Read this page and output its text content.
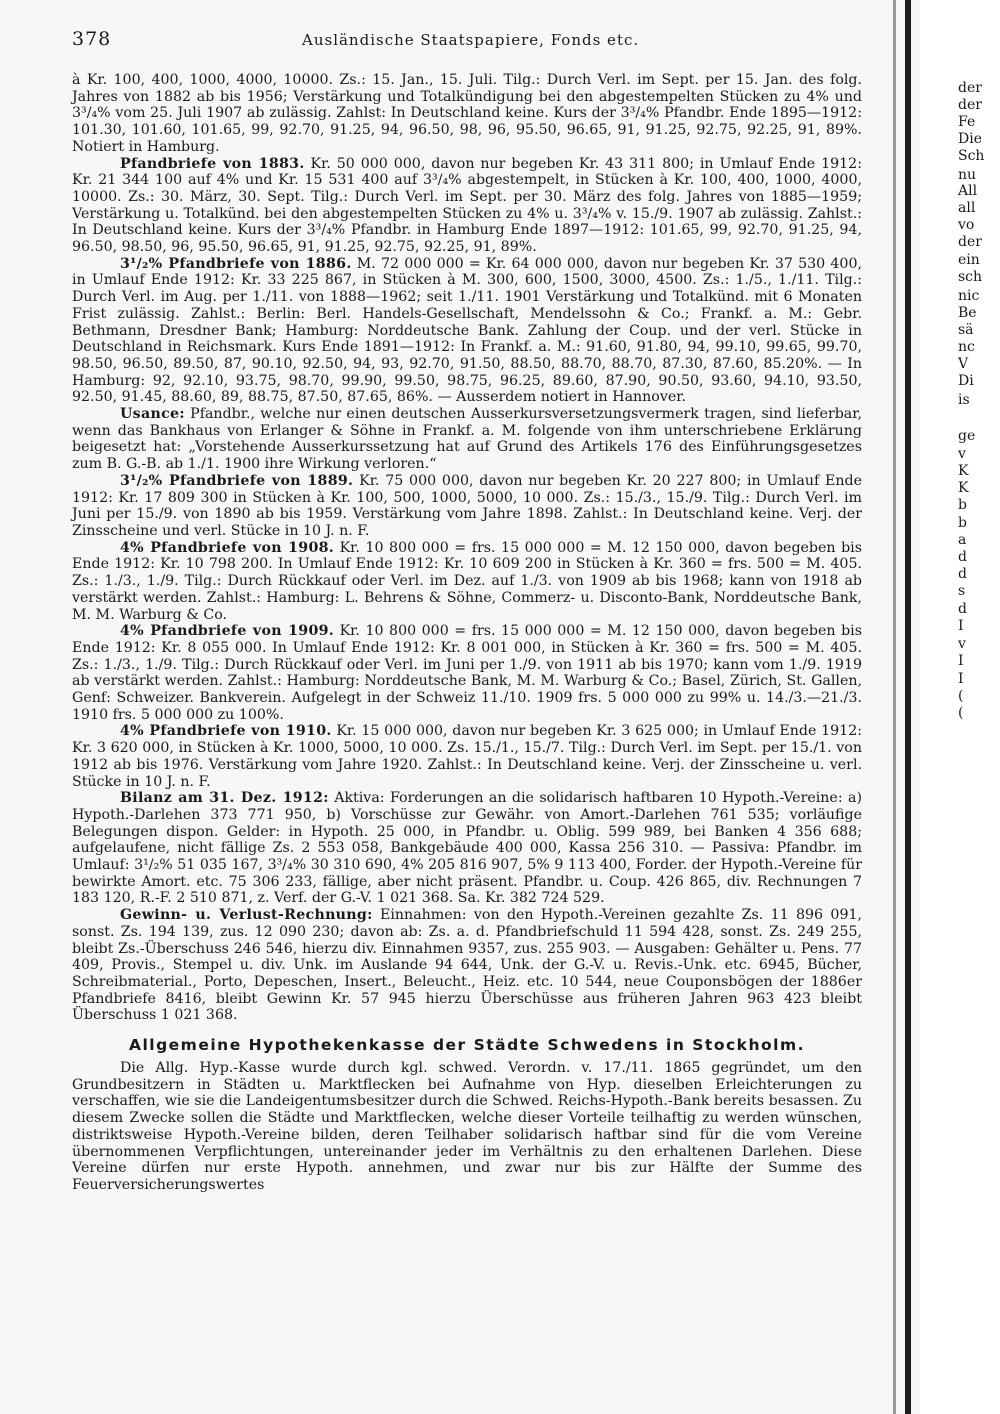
378	Ausländische Staatspapiere, Fonds etc.

à Kr. 100, 400, 1000, 4000, 10000. Zs.: 15. Jan., 15. Juli. Tilg.: Durch Verl. im Sept. per 15. Jan. des folg. Jahres von 1882 ab bis 1956; Verstärkung und Totalkündigung bei den abgestempelten Stücken zu 4% und 3³/₄% vom 25. Juli 1907 ab zulässig. Zahlst: In Deutschland keine. Kurs der 3³/₄% Pfandbr. Ende 1895—1912: 101.30, 101.60, 101.65, 99, 92.70, 91.25, 94, 96.50, 98, 96, 95.50, 96.65, 91, 91.25, 92.75, 92.25, 91, 89%. Notiert in Hamburg.

Pfandbriefe von 1883. Kr. 50 000 000, davon nur begeben Kr. 43 311 800; in Umlauf Ende 1912: Kr. 21 344 100 auf 4% und Kr. 15 531 400 auf 3³/₄% abgestempelt, in Stücken à Kr. 100, 400, 1000, 4000, 10000. Zs.: 30. März, 30. Sept. Tilg.: Durch Verl. im Sept. per 30. März des folg. Jahres von 1885—1959; Verstärkung u. Totalkünd. bei den abgestempelten Stücken zu 4% u. 3³/₄% v. 15./9. 1907 ab zulässig. Zahlst.: In Deutschland keine. Kurs der 3³/₄% Pfandbr. in Hamburg Ende 1897—1912: 101.65, 99, 92.70, 91.25, 94, 96.50, 98.50, 96, 95.50, 96.65, 91, 91.25, 92.75, 92.25, 91, 89%.

3¹/₂% Pfandbriefe von 1886. M. 72 000 000 = Kr. 64 000 000, davon nur begeben Kr. 37 530 400, in Umlauf Ende 1912: Kr. 33 225 867, in Stücken à M. 300, 600, 1500, 3000, 4500. Zs.: 1./5., 1./11. Tilg.: Durch Verl. im Aug. per 1./11. von 1888—1962; seit 1./11. 1901 Verstärkung und Totalkünd. mit 6 Monaten Frist zulässig. Zahlst.: Berlin: Berl. Handels-Gesellschaft, Mendelssohn & Co.; Frankf. a. M.: Gebr. Bethmann, Dresdner Bank; Hamburg: Norddeutsche Bank. Zahlung der Coup. und der verl. Stücke in Deutschland in Reichsmark. Kurs Ende 1891—1912: In Frankf. a. M.: 91.60, 91.80, 94, 99.10, 99.65, 99.70, 98.50, 96.50, 89.50, 87, 90.10, 92.50, 94, 93, 92.70, 91.50, 88.50, 88.70, 88.70, 87.30, 87.60, 85.20%. — In Hamburg: 92, 92.10, 93.75, 98.70, 99.90, 99.50, 98.75, 96.25, 89.60, 87.90, 90.50, 93.60, 94.10, 93.50, 92.50, 91.45, 88.60, 89, 88.75, 87.50, 87.65, 86%. — Ausserdem notiert in Hannover.

Usance: Pfandbr., welche nur einen deutschen Ausserkursversetzungsvermerk tragen, sind lieferbar, wenn das Bankhaus von Erlanger & Söhne in Frankf. a. M. folgende von ihm unterschriebene Erklärung beigesetzt hat: „Vorstehende Ausserkurssetzung hat auf Grund des Artikels 176 des Einführungsgesetzes zum B. G.-B. ab 1./1. 1900 ihre Wirkung verloren.“

3¹/₂% Pfandbriefe von 1889. Kr. 75 000 000, davon nur begeben Kr. 20 227 800; in Umlauf Ende 1912: Kr. 17 809 300 in Stücken à Kr. 100, 500, 1000, 5000, 10 000. Zs.: 15./3., 15./9. Tilg.: Durch Verl. im Juni per 15./9. von 1890 ab bis 1959. Verstärkung vom Jahre 1898. Zahlst.: In Deutschland keine. Verj. der Zinsscheine und verl. Stücke in 10 J. n. F.

4% Pfandbriefe von 1908. Kr. 10 800 000 = frs. 15 000 000 = M. 12 150 000, davon begeben bis Ende 1912: Kr. 10 798 200. In Umlauf Ende 1912: Kr. 10 609 200 in Stücken à Kr. 360 = frs. 500 = M. 405. Zs.: 1./3., 1./9. Tilg.: Durch Rückkauf oder Verl. im Dez. auf 1./3. von 1909 ab bis 1968; kann von 1918 ab verstärkt werden. Zahlst.: Hamburg: L. Behrens & Söhne, Commerz- u. Disconto-Bank, Norddeutsche Bank, M. M. Warburg & Co.

4% Pfandbriefe von 1909. Kr. 10 800 000 = frs. 15 000 000 = M. 12 150 000, davon begeben bis Ende 1912: Kr. 8 055 000. In Umlauf Ende 1912: Kr. 8 001 000, in Stücken à Kr. 360 = frs. 500 = M. 405. Zs.: 1./3., 1./9. Tilg.: Durch Rückkauf oder Verl. im Juni per 1./9. von 1911 ab bis 1970; kann vom 1./9. 1919 ab verstärkt werden. Zahlst.: Hamburg: Norddeutsche Bank, M. M. Warburg & Co.; Basel, Zürich, St. Gallen, Genf: Schweizer. Bankverein. Aufgelegt in der Schweiz 11./10. 1909 frs. 5 000 000 zu 99% u. 14./3.—21./3. 1910 frs. 5 000 000 zu 100%.

4% Pfandbriefe von 1910. Kr. 15 000 000, davon nur begeben Kr. 3 625 000; in Umlauf Ende 1912: Kr. 3 620 000, in Stücken à Kr. 1000, 5000, 10 000. Zs. 15./1., 15./7. Tilg.: Durch Verl. im Sept. per 15./1. von 1912 ab bis 1976. Verstärkung vom Jahre 1920. Zahlst.: In Deutschland keine. Verj. der Zinsscheine u. verl. Stücke in 10 J. n. F.

Bilanz am 31. Dez. 1912: Aktiva: Forderungen an die solidarisch haftbaren 10 Hypoth.-Vereine: a) Hypoth.-Darlehen 373 771 950, b) Vorschüsse zur Gewähr. von Amort.-Darlehen 761 535; vorläufige Belegungen dispon. Gelder: in Hypoth. 25 000, in Pfandbr. u. Oblig. 599 989, bei Banken 4 356 688; aufgelaufene, nicht fällige Zs. 2 553 058, Bankgebäude 400 000, Kassa 256 310. — Passiva: Pfandbr. im Umlauf: 3¹/₂% 51 035 167, 3³/₄% 30 310 690, 4% 205 816 907, 5% 9 113 400, Forder. der Hypoth.-Vereine für bewirkte Amort. etc. 75 306 233, fällige, aber nicht präsent. Pfandbr. u. Coup. 426 865, div. Rechnungen 7 183 120, R.-F. 2 510 871, z. Verf. der G.-V. 1 021 368. Sa. Kr. 382 724 529.

Gewinn- u. Verlust-Rechnung: Einnahmen: von den Hypoth.-Vereinen gezahlte Zs. 11 896 091, sonst. Zs. 194 139, zus. 12 090 230; davon ab: Zs. a. d. Pfandbriefschuld 11 594 428, sonst. Zs. 249 255, bleibt Zs.-Überschuss 246 546, hierzu div. Einnahmen 9357, zus. 255 903. — Ausgaben: Gehälter u. Pens. 77 409, Provis., Stempel u. div. Unk. im Auslande 94 644, Unk. der G.-V. u. Revis.-Unk. etc. 6945, Bücher, Schreibmaterial., Porto, Depeschen, Insert., Beleucht., Heiz. etc. 10 544, neue Couponsbögen der 1886er Pfandbriefe 8416, bleibt Gewinn Kr. 57 945 hierzu Überschüsse aus früheren Jahren 963 423 bleibt Überschuss 1 021 368.

Allgemeine Hypothekenkasse der Städte Schwedens in Stockholm.

Die Allg. Hyp.-Kasse wurde durch kgl. schwed. Verordn. v. 17./11. 1865 gegründet, um den Grundbesitzern in Städten u. Marktflecken bei Aufnahme von Hyp. dieselben Erleichterungen zu verschaffen, wie sie die Landeigentumsbesitzer durch die Schwed. Reichs-Hypoth.-Bank bereits besassen. Zu diesem Zwecke sollen die Städte und Marktflecken, welche dieser Vorteile teilhaftig zu werden wünschen, distriktsweise Hypoth.-Vereine bilden, deren Teilhaber solidarisch haftbar sind für die vom Vereine übernommenen Verpflichtungen, untereinander jeder im Verhältnis zu den erhaltenen Darlehen. Diese Vereine dürfen nur erste Hypoth. annehmen, und zwar nur bis zur Hälfte der Summe des Feuerversicherungswertes

der
der
Fe
Die
Sch
nu
All
all
vo
der
ein
sch
nic
Be
sä
nc
V
Di
is
ge
v
K
K
b
b
a
d
d
s
d
I
v
I
I
(
(
